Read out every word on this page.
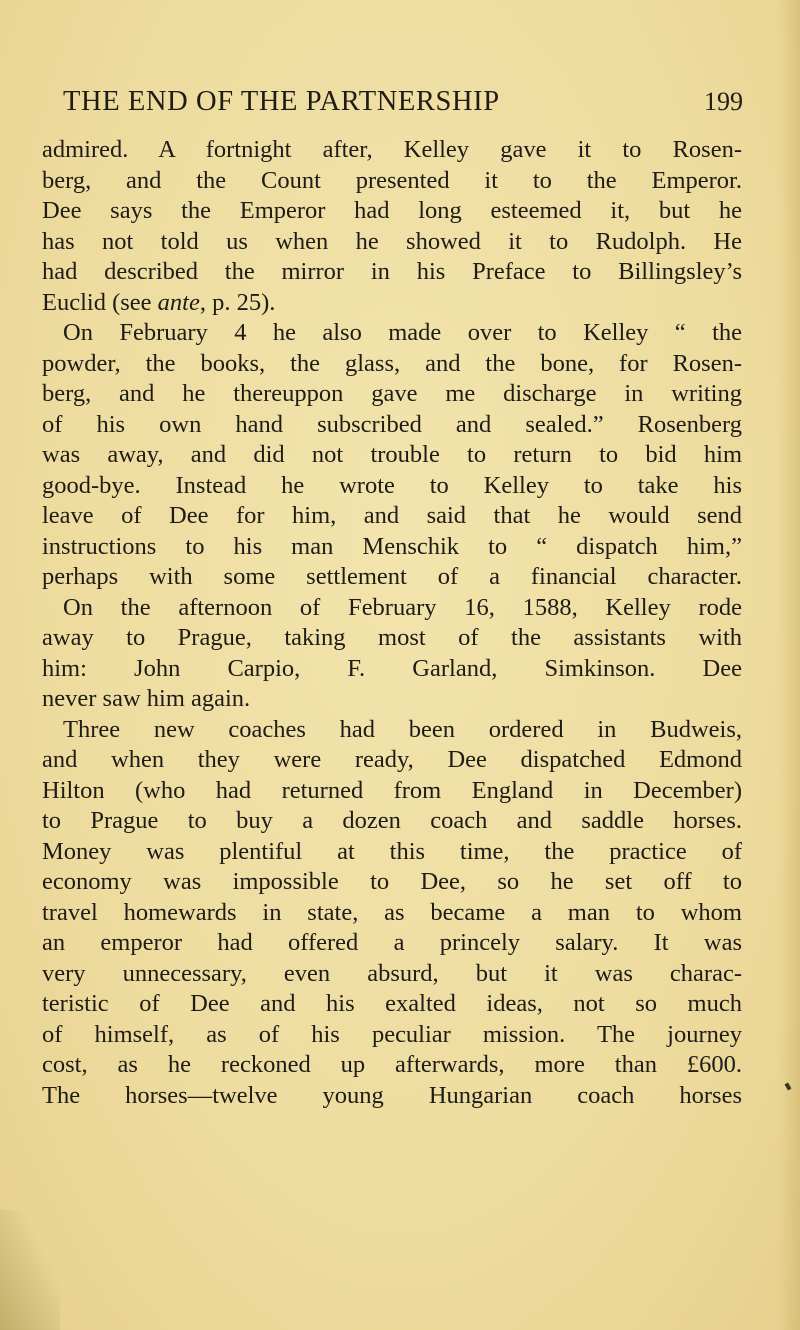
THE END OF THE PARTNERSHIP	199
admired. A fortnight after, Kelley gave it to Rosen-
berg, and the Count presented it to the Emperor.
Dee says the Emperor had long esteemed it, but he
has not told us when he showed it to Rudolph. He
had described the mirror in his Preface to Billingsley’s
Euclid (see ante, p. 25).
On February 4 he also made over to Kelley “ the
powder, the books, the glass, and the bone, for Rosen-
berg, and he thereuppon gave me discharge in writing
of his own hand subscribed and sealed.” Rosenberg
was away, and did not trouble to return to bid him
good-bye. Instead he wrote to Kelley to take his
leave of Dee for him, and said that he would send
instructions to his man Menschik to “ dispatch him,”
perhaps with some settlement of a financial character.
On the afternoon of February 16, 1588, Kelley rode
away to Prague, taking most of the assistants with
him: John Carpio, F. Garland, Simkinson. Dee
never saw him again.
Three new coaches had been ordered in Budweis,
and when they were ready, Dee dispatched Edmond
Hilton (who had returned from England in December)
to Prague to buy a dozen coach and saddle horses.
Money was plentiful at this time, the practice of
economy was impossible to Dee, so he set off to
travel homewards in state, as became a man to whom
an emperor had offered a princely salary. It was
very unnecessary, even absurd, but it was charac-
teristic of Dee and his exalted ideas, not so much
of himself, as of his peculiar mission. The journey
cost, as he reckoned up afterwards, more than £600.
The horses—twelve young Hungarian coach horses
